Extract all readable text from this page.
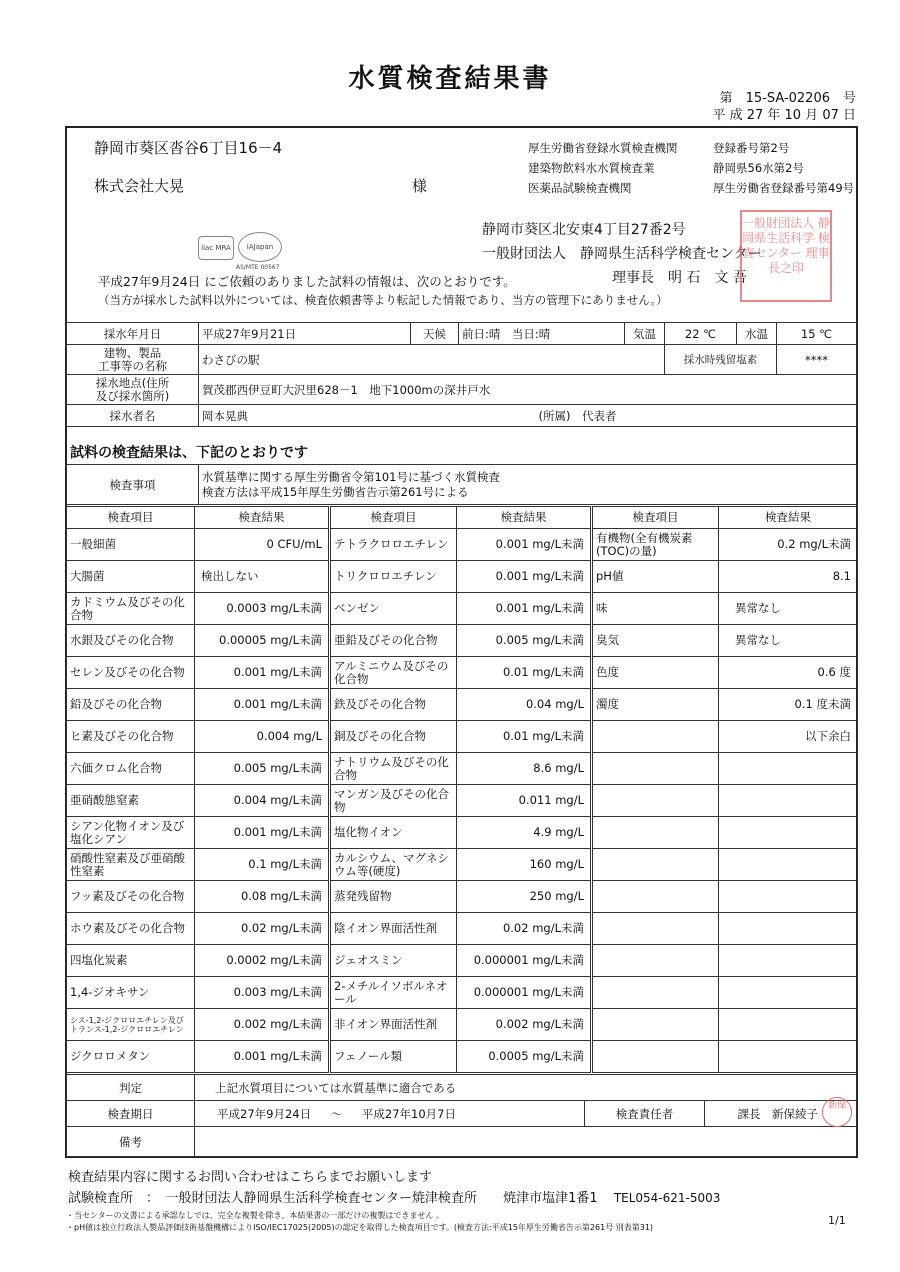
水質検査結果書
第　15-SA-02206　号
平 成 27 年 10 月 07 日
静岡市葵区沓谷6丁目16－4
株式会社大晃	様
厚生労働省登録水質検査機関	登録番号第2号
建築物飲料水水質検査業	静岡県56水第2号
医薬品試験検査機関	厚生労働省登録番号第49号
ilac MRA	IAJapan
AS/MTE 00567
静岡市葵区北安東4丁目27番2号
一般財団法人　静岡県生活科学検査センター
理事長　明 石　文 吾
一般財団法人 静岡県生活科学 検査センター 理事長之印
平成27年9月24日 にご依頼のありました試料の情報は、次のとおりです。
（当方が採水した試料以外については、検査依頼書等より転記した情報であり、当方の管理下にありません。）
採水年月日	平成27年9月21日	天候	前日:晴　当日:晴	気温	22 ℃	水温	15 ℃
建物、製品
工事等の名称	わさびの駅				採水時残留塩素		****
採水地点(住所
及び採水箇所)	賀茂郡西伊豆町大沢里628－1　地下1000mの深井戸水						
採水者名	岡本晃典		(所属)　代表者				
試料の検査結果は、下記のとおりです
検査事項	
水質基準に関する厚生労働省令第101号に基づく水質検査
検査方法は平成15年厚生労働省告示第261号による
検査項目	検査結果	検査項目	検査結果	検査項目	検査結果
一般細菌	0 CFU/mL	テトラクロロエチレン	0.001 mg/L未満	有機物(全有機炭素(TOC)の量)	0.2 mg/L未満
大腸菌	検出しない	トリクロロエチレン	0.001 mg/L未満	pH値	8.1
カドミウム及びその化合物	0.0003 mg/L未満	ベンゼン	0.001 mg/L未満	味	異常なし
水銀及びその化合物	0.00005 mg/L未満	亜鉛及びその化合物	0.005 mg/L未満	臭気	異常なし
セレン及びその化合物	0.001 mg/L未満	アルミニウム及びその化合物	0.01 mg/L未満	色度	0.6 度
鉛及びその化合物	0.001 mg/L未満	鉄及びその化合物	0.04 mg/L	濁度	0.1 度未満
ヒ素及びその化合物	0.004 mg/L	銅及びその化合物	0.01 mg/L未満		以下余白
六価クロム化合物	0.005 mg/L未満	ナトリウム及びその化合物	8.6 mg/L		
亜硝酸態窒素	0.004 mg/L未満	マンガン及びその化合物	0.011 mg/L		
シアン化物イオン及び塩化シアン	0.001 mg/L未満	塩化物イオン	4.9 mg/L		
硝酸性窒素及び亜硝酸性窒素	0.1 mg/L未満	カルシウム、マグネシウム等(硬度)	160 mg/L		
フッ素及びその化合物	0.08 mg/L未満	蒸発残留物	250 mg/L		
ホウ素及びその化合物	0.02 mg/L未満	陰イオン界面活性剤	0.02 mg/L未満		
四塩化炭素	0.0002 mg/L未満	ジェオスミン	0.000001 mg/L未満		
1,4-ジオキサン	0.003 mg/L未満	2-メチルイソボルネオール	0.000001 mg/L未満		
シス-1,2-ジクロロエチレン及びトランス-1,2-ジクロロエチレン	0.002 mg/L未満	非イオン界面活性剤	0.002 mg/L未満		
ジクロロメタン	0.001 mg/L未満	フェノール類	0.0005 mg/L未満		
判定	上記水質項目については水質基準に適合である			
検査期日	平成27年9月24日 ～ 平成27年10月7日		検査責任者	課長　新保綾子
新保

備考				
検査結果内容に関するお問い合わせはこちらまでお願いします
試験検査所　：　一般財団法人静岡県生活科学検査センター焼津検査所 焼津市塩津1番1 TEL054-621-5003
・当センターの文書による承認なしでは、完全な複製を除き、本結果書の一部だけの複製はできません 。
・pH値は独立行政法人製品評価技術基盤機構によりISO/IEC17025(2005)の認定を取得した検査項目です。(検査方法:平成15年厚生労働省告示第261号 別表第31)
1/1
